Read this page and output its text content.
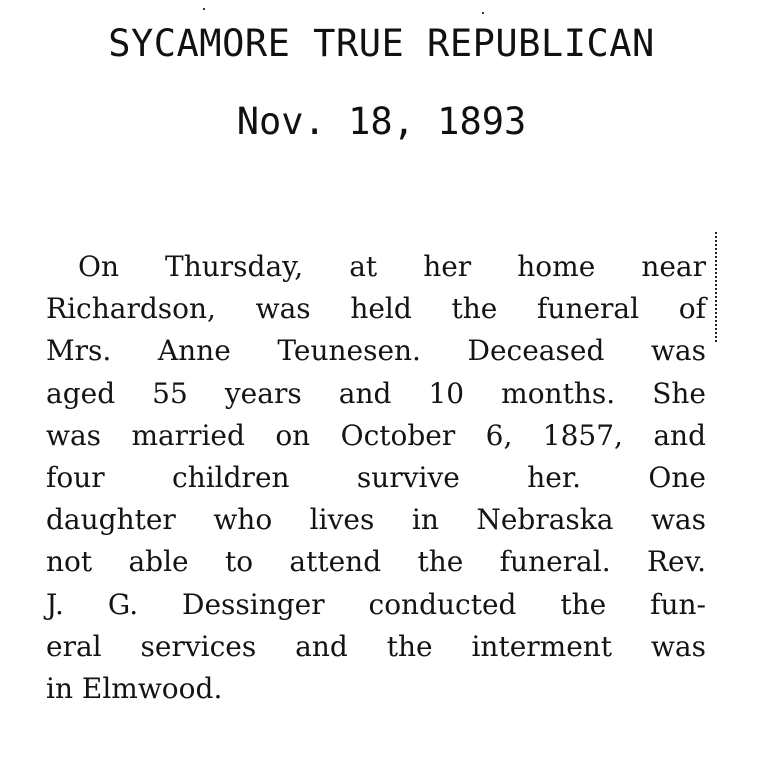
SYCAMORE TRUE REPUBLICAN
Nov. 18, 1893
On Thursday, at her home near
Richardson, was held the funeral of
Mrs. Anne Teunesen. Deceased was
aged 55 years and 10 months. She
was married on October 6, 1857, and
four children survive her. One
daughter who lives in Nebraska was
not able to attend the funeral. Rev.
J. G. Dessinger conducted the fun-
eral services and the interment was
in Elmwood.
